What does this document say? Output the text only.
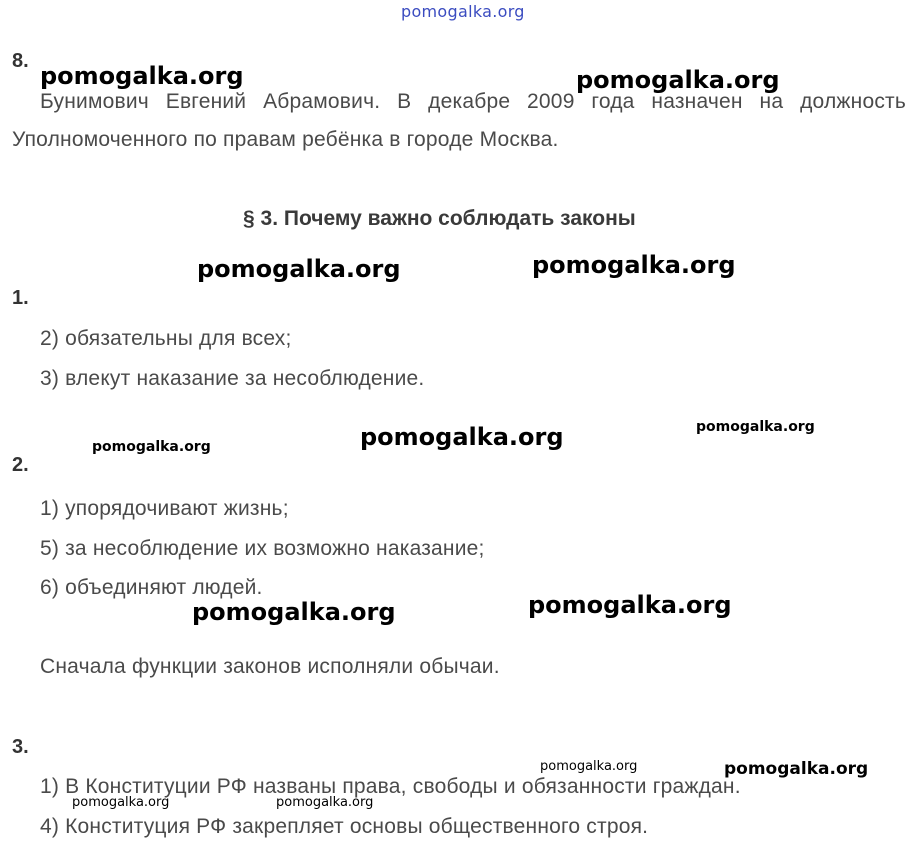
pomogalka.org
8.
Бунимович Евгений Абрамович. В декабре 2009 года назначен на должность
Уполномоченного по правам ребёнка в городе Москва.
§ 3. Почему важно соблюдать законы
1.
2) обязательны для всех;
3) влекут наказание за несоблюдение.
2.
1) упорядочивают жизнь;
5) за несоблюдение их возможно наказание;
6) объединяют людей.
Сначала функции законов исполняли обычаи.
3.
1) В Конституции РФ названы права, свободы и обязанности граждан.
4) Конституция РФ закрепляет основы общественного строя.
pomogalka.org	pomogalka.org
pomogalka.org	pomogalka.org
pomogalka.org	pomogalka.org	pomogalka.org
pomogalka.org	pomogalka.org
pomogalka.org	pomogalka.org
pomogalka.org	pomogalka.org
